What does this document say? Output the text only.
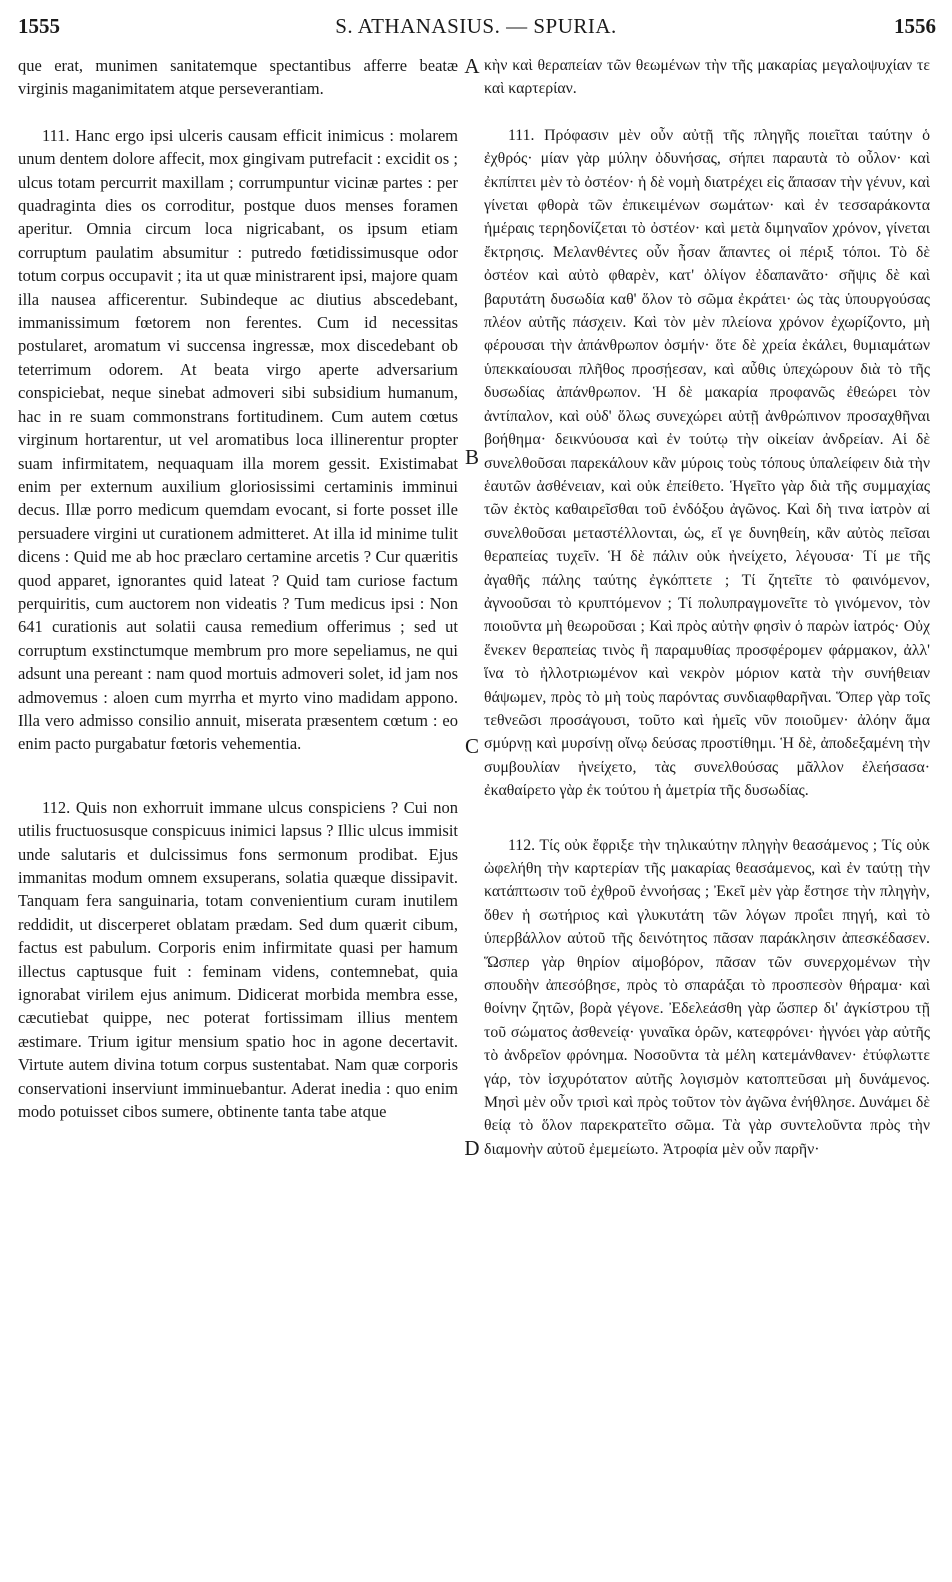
1555	S. ATHANASIUS. — SPURIA.	1556
A
B
C
D

que erat, munimen sanitatemque spectantibus afferre beatæ virginis maganimitatem atque perseverantiam.

111. Hanc ergo ipsi ulceris causam efficit inimicus : molarem unum dentem dolore affecit, mox gingivam putrefacit : excidit os ; ulcus totam percurrit maxillam ; corrumpuntur vicinæ partes : per quadraginta dies os corroditur, postque duos menses foramen aperitur. Omnia circum loca nigricabant, os ipsum etiam corruptum paulatim absumitur : putredo fœtidissimusque odor totum corpus occupavit ; ita ut quæ ministrarent ipsi, majore quam illa nausea afficerentur. Subindeque ac diutius abscedebant, immanissimum fœtorem non ferentes. Cum id necessitas postularet, aromatum vi succensa ingressæ, mox discedebant ob teterrimum odorem. At beata virgo aperte adversarium conspiciebat, neque sinebat admoveri sibi subsidium humanum, hac in re suam commonstrans fortitudinem. Cum autem cœtus virginum hortarentur, ut vel aromatibus loca illinerentur propter suam infirmitatem, nequaquam illa morem gessit. Existimabat enim per externum auxilium gloriosissimi certaminis imminui decus. Illæ porro medicum quemdam evocant, si forte posset ille persuadere virgini ut curationem admitteret. At illa id minime tulit dicens : Quid me ab hoc præclaro certamine arcetis ? Cur quæritis quod apparet, ignorantes quid lateat ? Quid tam curiose factum perquiritis, cum auctorem non videatis ? Tum medicus ipsi : Non 641 curationis aut solatii causa remedium offerimus ; sed ut corruptum exstinctumque membrum pro more sepeliamus, ne qui adsunt una pereant : nam quod mortuis admoveri solet, id jam nos admovemus : aloen cum myrrha et myrto vino madidam appono. Illa vero admisso consilio annuit, miserata præsentem cœtum : eo enim pacto purgabatur fœtoris vehementia.

112. Quis non exhorruit immane ulcus conspiciens ? Cui non utilis fructuosusque conspicuus inimici lapsus ? Illic ulcus immisit unde salutaris et dulcissimus fons sermonum prodibat. Ejus immanitas modum omnem exsuperans, solatia quæque dissipavit. Tanquam fera sanguinaria, totam convenientium curam inutilem reddidit, ut discerperet oblatam prædam. Sed dum quærit cibum, factus est pabulum. Corporis enim infirmitate quasi per hamum illectus captusque fuit : feminam videns, contemnebat, quia ignorabat virilem ejus animum. Didicerat morbida membra esse, cæcutiebat quippe, nec poterat fortissimam illius mentem æstimare. Trium igitur mensium spatio hoc in agone decertavit. Virtute autem divina totum corpus sustentabat. Nam quæ corporis conservationi inserviunt imminuebantur. Aderat inedia : quo enim modo potuisset cibos sumere, obtinente tanta tabe atque

κὴν καὶ θεραπείαν τῶν θεωμένων τὴν τῆς μακαρίας μεγαλοψυχίαν τε καὶ καρτερίαν.

111. Πρόφασιν μὲν οὖν αὐτῇ τῆς πληγῆς ποιεῖται ταύτην ὁ ἐχθρός· μίαν γὰρ μύλην ὀδυνήσας, σήπει παραυτὰ τὸ οὖλον· καὶ ἐκπίπτει μὲν τὸ ὀστέον· ἡ δὲ νομὴ διατρέχει εἰς ἅπασαν τὴν γένυν, καὶ γίνεται φθορὰ τῶν ἐπικειμένων σωμάτων· καὶ ἐν τεσσαράκοντα ἡμέραις τερηδονίζεται τὸ ὀστέον· καὶ μετὰ διμηναῖον χρόνον, γίνεται ἔκτρησις. Μελανθέντες οὖν ἦσαν ἅπαντες οἱ πέριξ τόποι. Τὸ δὲ ὀστέον καὶ αὐτὸ φθαρὲν, κατ' ὀλίγον ἐδαπανᾶτο· σῆψις δὲ καὶ βαρυτάτη δυσωδία καθ' ὅλον τὸ σῶμα ἐκράτει· ὡς τὰς ὑπουργούσας πλέον αὐτῆς πάσχειν. Καὶ τὸν μὲν πλείονα χρόνον ἐχωρίζοντο, μὴ φέρουσαι τὴν ἀπάνθρωπον ὀσμήν· ὅτε δὲ χρεία ἐκάλει, θυμιαμάτων ὑπεκκαίουσαι πλῆθος προσῄεσαν, καὶ αὖθις ὑπεχώρουν διὰ τὸ τῆς δυσωδίας ἀπάνθρωπον. Ἡ δὲ μακαρία προφανῶς ἐθεώρει τὸν ἀντίπαλον, καὶ οὐδ' ὅλως συνεχώρει αὐτῇ ἀνθρώπινον προσαχθῆναι βοήθημα· δεικνύουσα καὶ ἐν τούτῳ τὴν οἰκείαν ἀνδρείαν. Αἱ δὲ συνελθοῦσαι παρεκάλουν κἂν μύροις τοὺς τόπους ὑπαλείφειν διὰ τὴν ἑαυτῶν ἀσθένειαν, καὶ οὐκ ἐπείθετο. Ἡγεῖτο γὰρ διὰ τῆς συμμαχίας τῶν ἐκτὸς καθαιρεῖσθαι τοῦ ἐνδόξου ἀγῶνος. Καὶ δὴ τινα ἰατρὸν αἱ συνελθοῦσαι μεταστέλλονται, ὡς, εἴ γε δυνηθείη, κἂν αὐτὸς πεῖσαι θεραπείας τυχεῖν. Ἡ δὲ πάλιν οὐκ ἠνείχετο, λέγουσα· Τί με τῆς ἀγαθῆς πάλης ταύτης ἐγκόπτετε ; Τί ζητεῖτε τὸ φαινόμενον, ἀγνοοῦσαι τὸ κρυπτόμενον ; Τί πολυπραγμονεῖτε τὸ γινόμενον, τὸν ποιοῦντα μὴ θεωροῦσαι ; Καὶ πρὸς αὐτὴν φησὶν ὁ παρὼν ἰατρός· Οὐχ ἕνεκεν θεραπείας τινὸς ἢ παραμυθίας προσφέρομεν φάρμακον, ἀλλ' ἵνα τὸ ἠλλοτριωμένον καὶ νεκρὸν μόριον κατὰ τὴν συνήθειαν θάψωμεν, πρὸς τὸ μὴ τοὺς παρόντας συνδιαφθαρῆναι. Ὅπερ γὰρ τοῖς τεθνεῶσι προσάγουσι, τοῦτο καὶ ἡμεῖς νῦν ποιοῦμεν· ἀλόην ἅμα σμύρνῃ καὶ μυρσίνῃ οἴνῳ δεύσας προστίθημι. Ἡ δὲ, ἀποδεξαμένη τὴν συμβουλίαν ἠνείχετο, τὰς συνελθούσας μᾶλλον ἐλεήσασα· ἐκαθαίρετο γὰρ ἐκ τούτου ἡ ἀμετρία τῆς δυσωδίας.

112. Τίς οὐκ ἔφριξε τὴν τηλικαύτην πληγὴν θεασάμενος ; Τίς οὐκ ὠφελήθη τὴν καρτερίαν τῆς μακαρίας θεασάμενος, καὶ ἐν ταύτῃ τὴν κατάπτωσιν τοῦ ἐχθροῦ ἐννοήσας ; Ἐκεῖ μὲν γὰρ ἔστησε τὴν πληγὴν, ὅθεν ἡ σωτήριος καὶ γλυκυτάτη τῶν λόγων προΐει πηγή, καὶ τὸ ὑπερβάλλον αὐτοῦ τῆς δεινότητος πᾶσαν παράκλησιν ἀπεσκέδασεν. Ὥσπερ γὰρ θηρίον αἱμοβόρον, πᾶσαν τῶν συνερχομένων τὴν σπουδὴν ἀπεσόβησε, πρὸς τὸ σπαράξαι τὸ προσπεσὸν θήραμα· καὶ θοίνην ζητῶν, βορὰ γέγονε. Ἐδελεάσθη γὰρ ὥσπερ δι' ἀγκίστρου τῇ τοῦ σώματος ἀσθενείᾳ· γυναῖκα ὁρῶν, κατεφρόνει· ἠγνόει γὰρ αὐτῆς τὸ ἀνδρεῖον φρόνημα. Νοσοῦντα τὰ μέλη κατεμάνθανεν· ἐτύφλωττε γάρ, τὸν ἰσχυρότατον αὐτῆς λογισμὸν κατοπτεῦσαι μὴ δυνάμενος. Μησὶ μὲν οὖν τρισὶ καὶ πρὸς τοῦτον τὸν ἀγῶνα ἐνήθλησε. Δυνάμει δὲ θείᾳ τὸ ὅλον παρεκρατεῖτο σῶμα. Τὰ γὰρ συντελοῦντα πρὸς τὴν διαμονὴν αὐτοῦ ἐμεμείωτο. Ἀτροφία μὲν οὖν παρῆν·
